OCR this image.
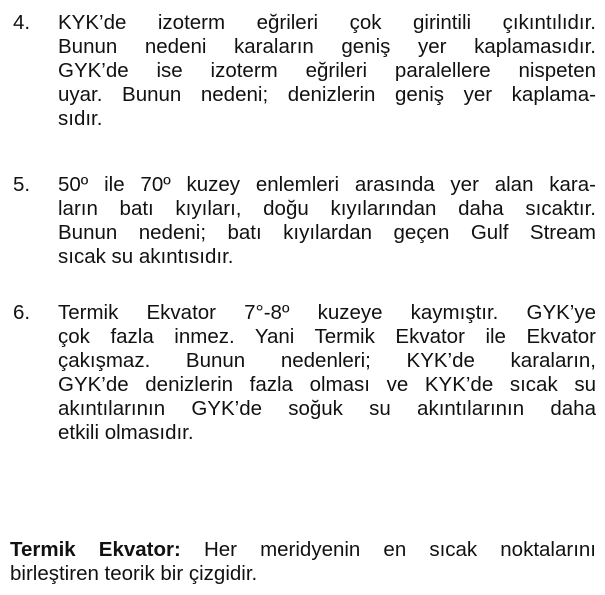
4.	KYK’de izoterm eğrileri çok girintili çıkıntılıdır.
Bunun nedeni karaların geniş yer kaplamasıdır.
GYK’de ise izoterm eğrileri paralellere nispeten
uyar. Bunun nedeni; denizlerin geniş yer kaplama-
sıdır.
5.	50º ile 70º kuzey enlemleri arasında yer alan kara-
ların batı kıyıları, doğu kıyılarından daha sıcaktır.
Bunun nedeni; batı kıyılardan geçen Gulf Stream
sıcak su akıntısıdır.
6.	Termik Ekvator 7°-8º kuzeye kaymıştır. GYK’ye
çok fazla inmez. Yani Termik Ekvator ile Ekvator
çakışmaz. Bunun nedenleri; KYK’de karaların,
GYK’de denizlerin fazla olması ve KYK’de sıcak su
akıntılarının GYK’de soğuk su akıntılarının daha
etkili olmasıdır.
Termik Ekvator: Her meridyenin en sıcak noktalarını
birleştiren teorik bir çizgidir.
